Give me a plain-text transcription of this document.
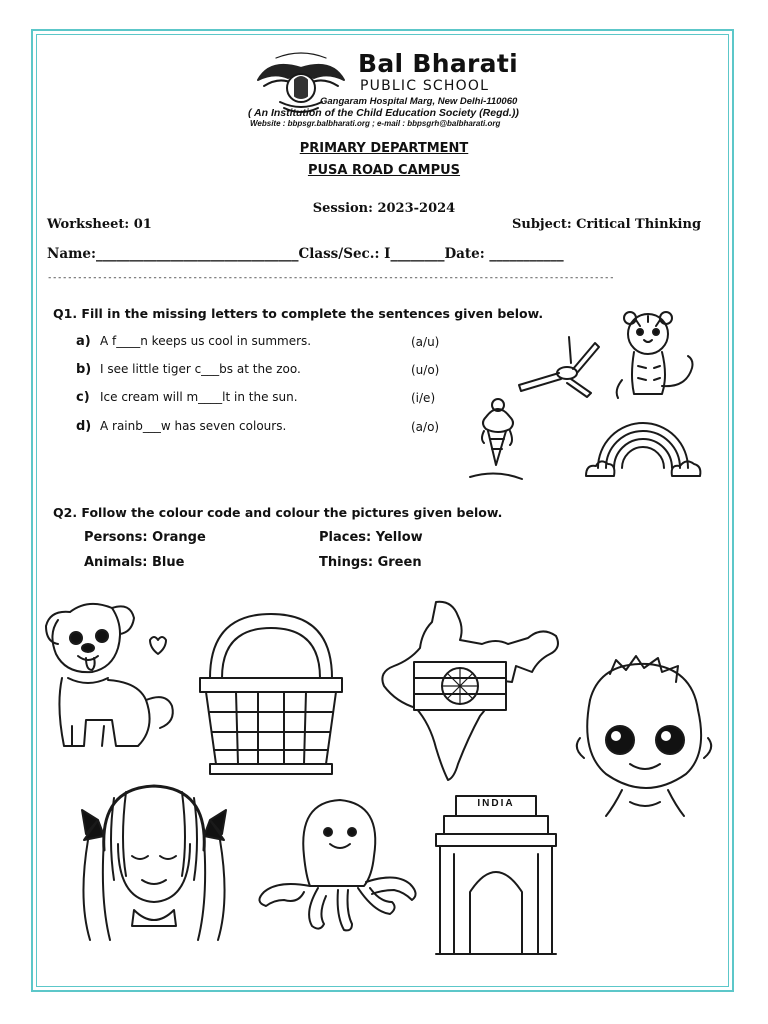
Bal Bharati
PUBLIC SCHOOL
Gangaram Hospital Marg, New Delhi-110060
( An Institution of the Child Education Society (Regd.))
Website : bbpsgr.balbharati.org ; e-mail : bbpsgrh@balbharati.org
PRIMARY DEPARTMENT
PUSA ROAD CAMPUS
Session: 2023-2024
Worksheet: 01	Subject: Critical Thinking
Name:______________________________Class/Sec.: I________Date: ___________
-----------------------------------------------------------------------------------------------------------------
Q1. Fill in the missing letters to complete the sentences given below.
a) A f____n keeps us cool in summers.	(a/u)
b) I see little tiger c___bs at the zoo.	(u/o)
c) Ice cream will m____lt in the sun.	(i/e)
d) A rainb___w has seven colours.	(a/o)
Q2. Follow the colour code and colour the pictures given below.
Persons: Orange	Places: Yellow
Animals: Blue	Things: Green
INDIA
